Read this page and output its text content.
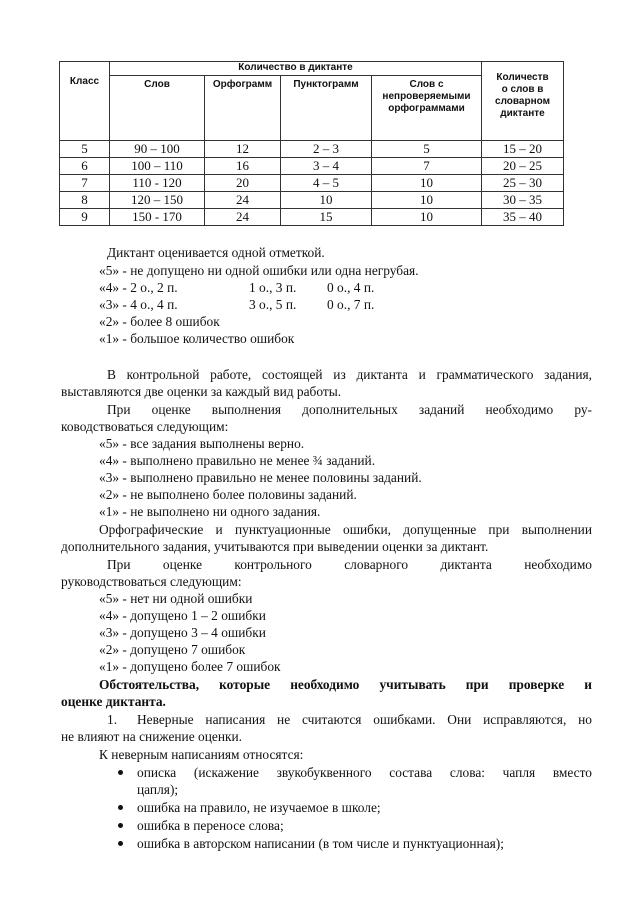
Класс	Количество в диктанте				Количеств
о слов в
словарном
диктанте
	Слов	Орфограмм	Пунктограмм	Слов с
непроверяемыми
орфограммами	
5	90 – 100	12	2 – 3	5	15 – 20
6	100 – 110	16	3 – 4	7	20 – 25
7	110 - 120	20	4 – 5	10	25 – 30
8	120 – 150	24	10	10	30 – 35
9	150 - 170	24	15	10	35 – 40
Диктант оценивается одной отметкой.
«5» - не допущено ни одной ошибки или одна негрубая.
«4» - 2 о., 2 п.	1 о., 3 п. 0 о., 4 п.
«3» - 4 о., 4 п.	3 о., 5 п. 0 о., 7 п.
«2» - более 8 ошибок
«1» - большое количество ошибок
В контрольной работе, состоящей из диктанта и грамматического задания,
выставляются две оценки за каждый вид работы.
При оценке выполнения дополнительных заданий необходимо ру-
ководствоваться следующим:
«5» - все задания выполнены верно.
«4» - выполнено правильно не менее ¾ заданий.
«3» - выполнено правильно не менее половины заданий.
«2» - не выполнено более половины заданий.
«1» - не выполнено ни одного задания.
Орфографические и пунктуационные ошибки, допущенные при выполнении
дополнительного задания, учитываются при выведении оценки за диктант.
При оценке контрольного словарного диктанта необходимо
руководствоваться следующим:
«5» - нет ни одной ошибки
«4» - допущено 1 – 2 ошибки
«3» - допущено 3 – 4 ошибки
«2» - допущено 7 ошибок
«1» - допущено более 7 ошибок
Обстоятельства, которые необходимо учитывать при проверке и
оценке диктанта.
1. Неверные написания не считаются ошибками. Они исправляются, но
не влияют на снижение оценки.
К неверным написаниям относятся:
описка (искажение звукобуквенного состава слова: чапля вместо
цапля);
ошибка на правило, не изучаемое в школе;
ошибка в переносе слова;
ошибка в авторском написании (в том числе и пунктуационная);
